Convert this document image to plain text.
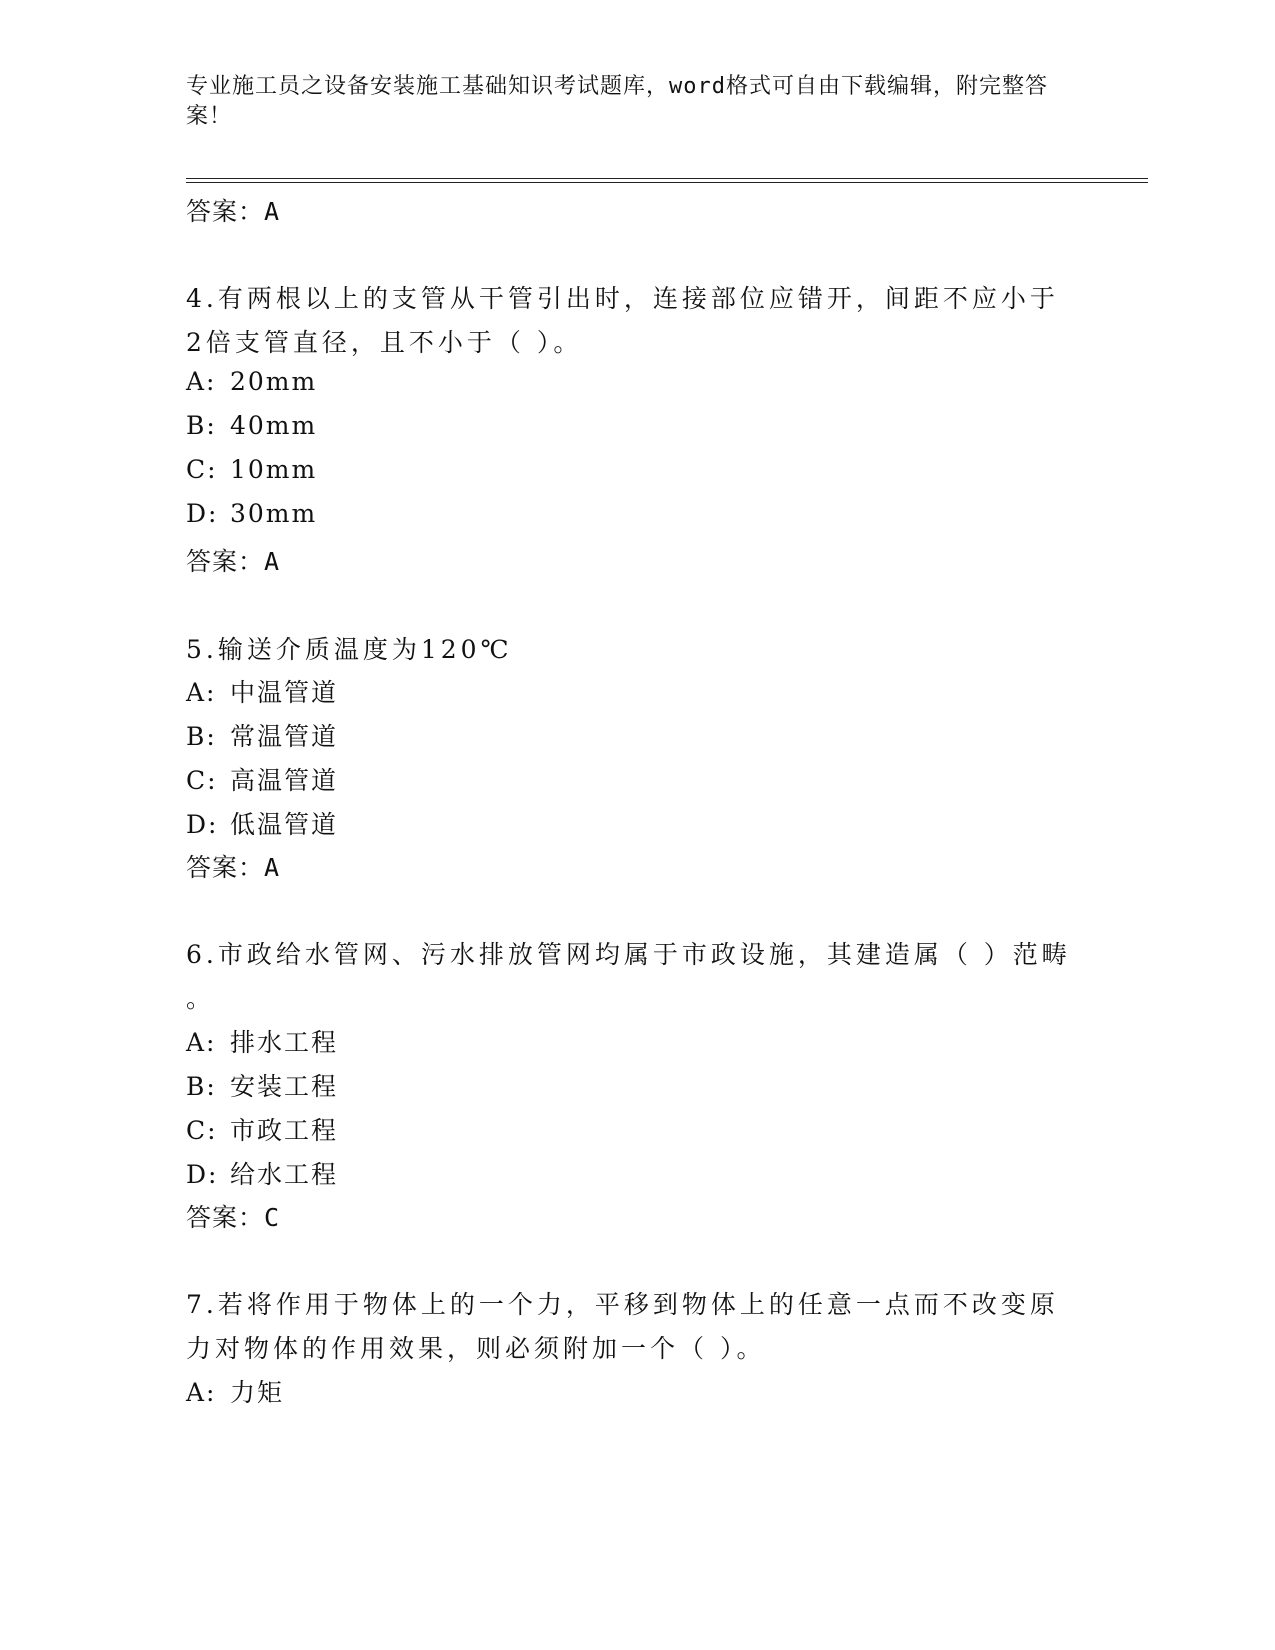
专业施工员之设备安装施工基础知识考试题库，word格式可自由下载编辑，附完整答案！
答案：A
4.有两根以上的支管从干管引出时，连接部位应错开，间距不应小于
2倍支管直径，且不小于（ ）。
A: 20mm
B: 40mm
C: 10mm
D: 30mm
答案：A
5.输送介质温度为120℃
A: 中温管道
B: 常温管道
C: 高温管道
D: 低温管道
答案：A
6.市政给水管网、污水排放管网均属于市政设施，其建造属（ ）范畴
。
A: 排水工程
B: 安装工程
C: 市政工程
D: 给水工程
答案：C
7.若将作用于物体上的一个力，平移到物体上的任意一点而不改变原
力对物体的作用效果，则必须附加一个（ ）。
A: 力矩
